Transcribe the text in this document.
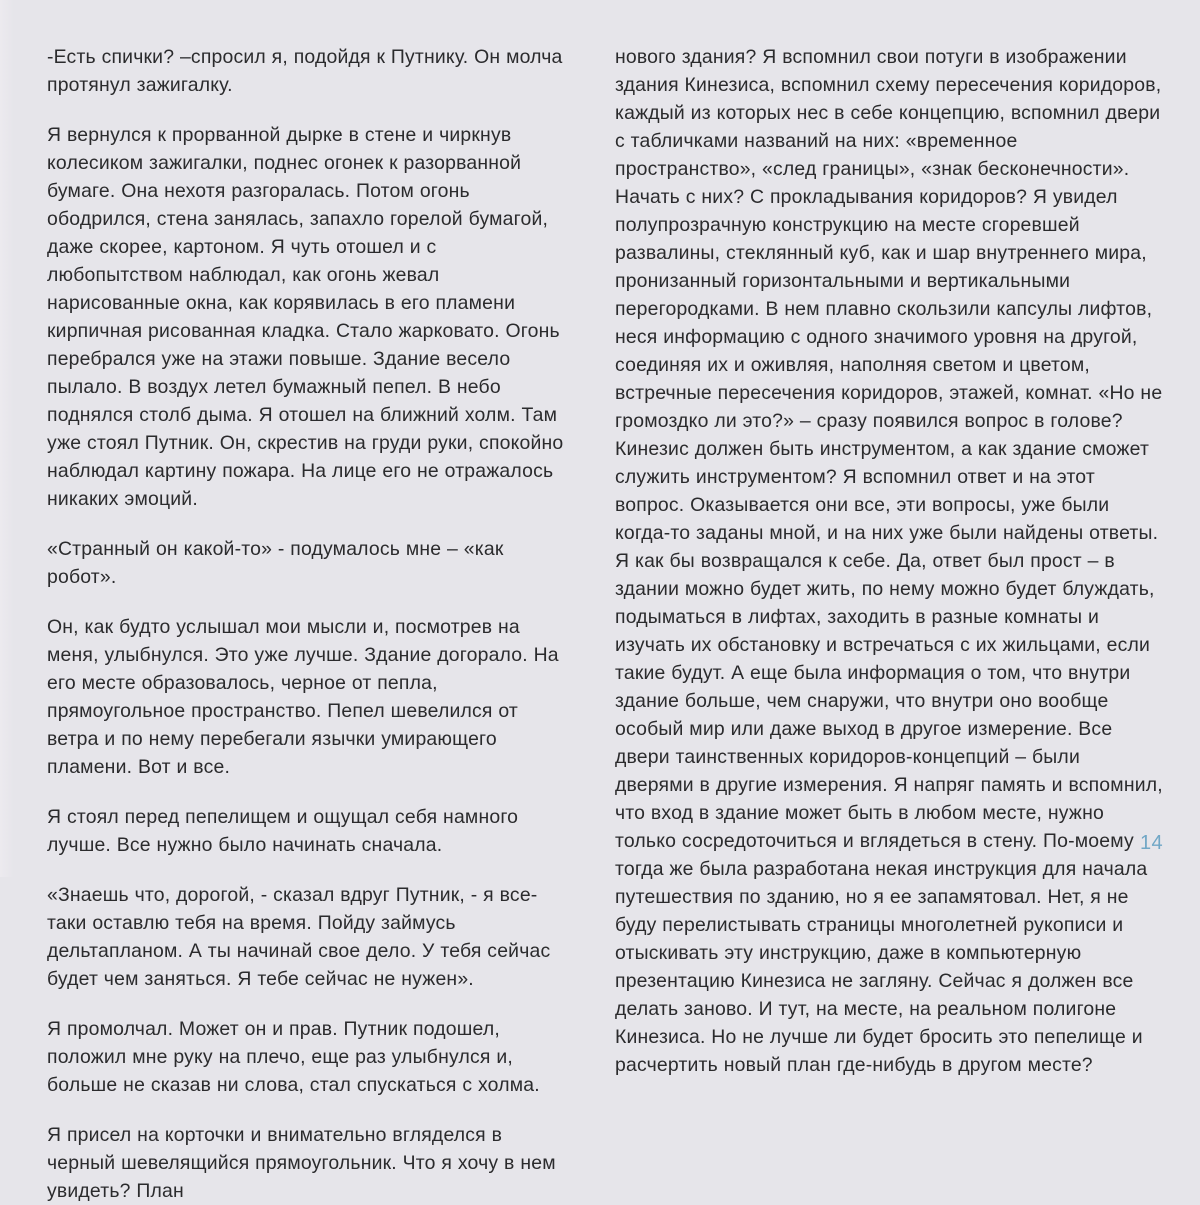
-Есть спички? –спросил я, подойдя к Путнику. Он молча протянул зажигалку.

Я вернулся к прорванной дырке в стене и чиркнув колесиком зажигалки, поднес огонек к разорванной бумаге. Она нехотя разгоралась. Потом огонь ободрился, стена занялась, запахло горелой бумагой, даже скорее, картоном. Я чуть отошел и с любопытством наблюдал, как огонь жевал нарисованные окна, как корявилась в его пламени кирпичная рисованная кладка. Стало жарковато. Огонь перебрался уже на этажи повыше. Здание весело пылало. В воздух летел бумажный пепел. В небо поднялся столб дыма. Я отошел на ближний холм. Там уже стоял Путник. Он, скрестив на груди руки, спокойно наблюдал картину пожара. На лице его не отражалось никаких эмоций.

«Странный он какой-то» - подумалось мне – «как робот».

Он, как будто услышал мои мысли и, посмотрев на меня, улыбнулся. Это уже лучше. Здание догорало. На его месте образовалось, черное от пепла, прямоугольное пространство. Пепел шевелился от ветра и по нему перебегали язычки умирающего пламени. Вот и все.

Я стоял перед пепелищем и ощущал себя намного лучше. Все нужно было начинать сначала.

«Знаешь что, дорогой, - сказал вдруг Путник, - я все-таки оставлю тебя на время. Пойду займусь дельтапланом. А ты начинай свое дело. У тебя сейчас будет чем заняться. Я тебе сейчас не нужен».

Я промолчал. Может он и прав. Путник подошел, положил мне руку на плечо, еще раз улыбнулся и, больше не сказав ни слова, стал спускаться с холма.

Я присел на корточки и внимательно вгляделся в черный шевелящийся прямоугольник. Что я хочу в нем увидеть? План

нового здания? Я вспомнил свои потуги в изображении здания Кинезиса, вспомнил схему пересечения коридоров, каждый из которых нес в себе концепцию, вспомнил двери с табличками названий на них: «временное пространство», «след границы», «знак бесконечности». Начать с них? С прокладывания коридоров? Я увидел полупрозрачную конструкцию на месте сгоревшей развалины, стеклянный куб, как и шар внутреннего мира, пронизанный горизонтальными и вертикальными перегородками. В нем плавно скользили капсулы лифтов, неся информацию с одного значимого уровня на другой, соединяя их и оживляя, наполняя светом и цветом, встречные пересечения коридоров, этажей, комнат. «Но не громоздко ли это?» – сразу появился вопрос в голове? Кинезис должен быть инструментом, а как здание сможет служить инструментом? Я вспомнил ответ и на этот вопрос. Оказывается они все, эти вопросы, уже были когда-то заданы мной, и на них уже были найдены ответы. Я как бы возвращался к себе. Да, ответ был прост – в здании можно будет жить, по нему можно будет блуждать, подыматься в лифтах, заходить в разные комнаты и изучать их обстановку и встречаться с их жильцами, если такие будут. А еще была информация о том, что внутри здание больше, чем снаружи, что внутри оно вообще особый мир или даже выход в другое измерение. Все двери таинственных коридоров-концепций – были дверями в другие измерения. Я напряг память и вспомнил, что вход в здание может быть в любом месте, нужно только сосредоточиться и вглядеться в стену. По-моему тогда же была разработана некая инструкция для начала путешествия по зданию, но я ее запамятовал. Нет, я не буду перелистывать страницы многолетней рукописи и отыскивать эту инструкцию, даже в компьютерную презентацию Кинезиса не загляну. Сейчас я должен все делать заново. И тут, на месте, на реальном полигоне Кинезиса. Но не лучше ли будет бросить это пепелище и расчертить новый план где-нибудь в другом месте?

14
